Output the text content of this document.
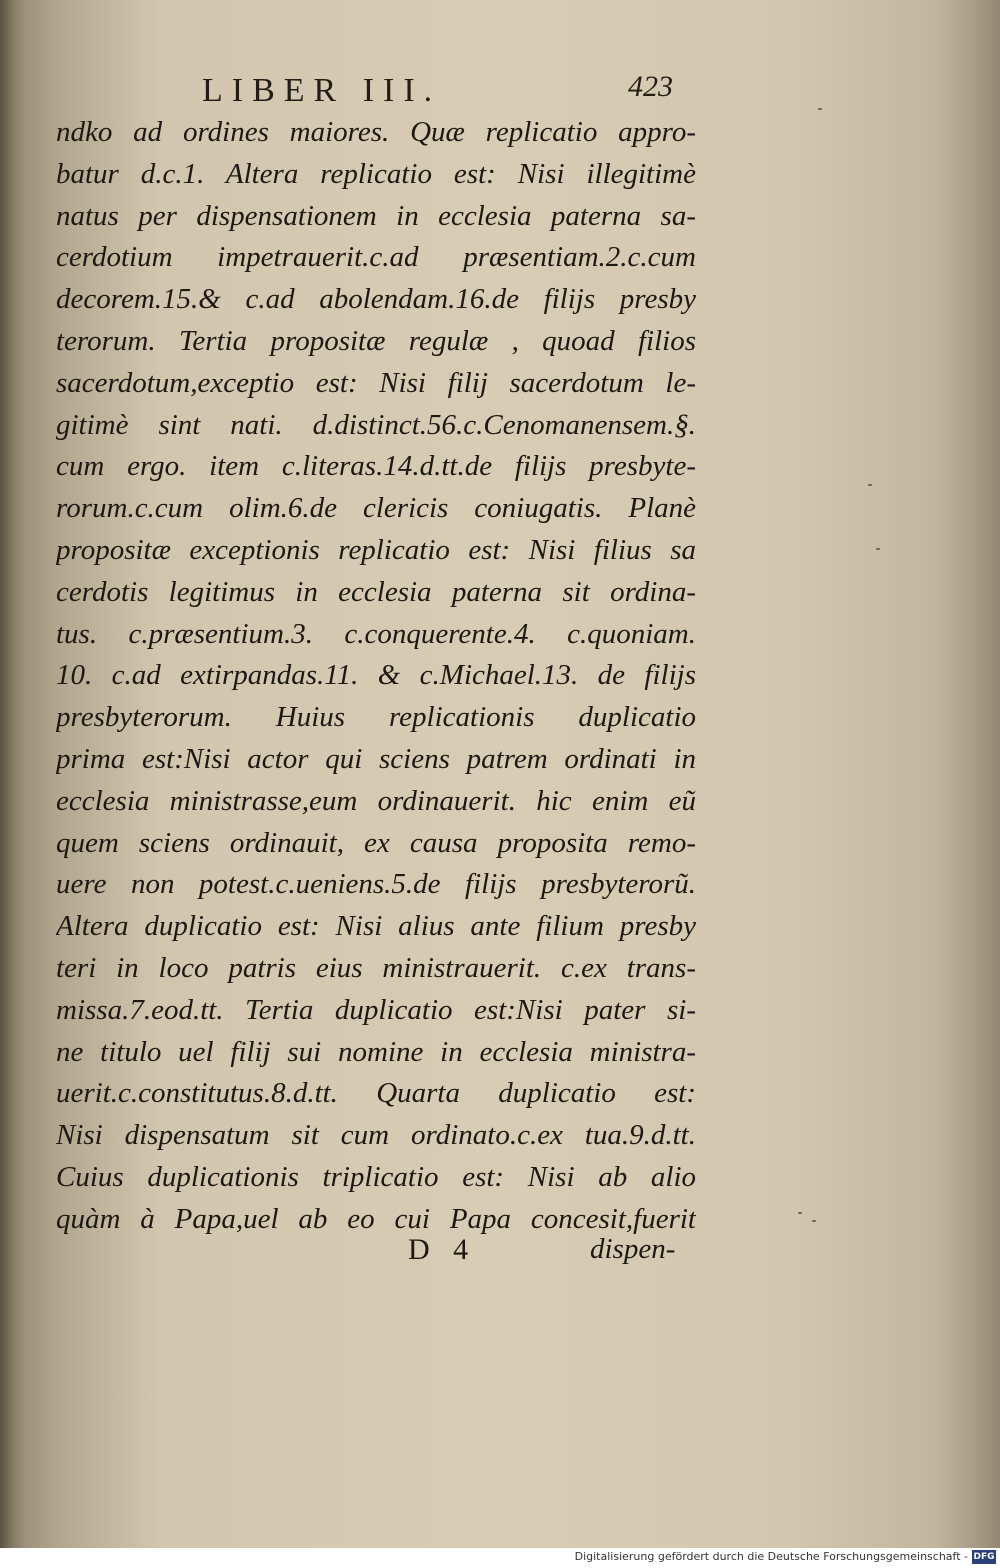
LIBER III.	423
ndko ad ordines maiores. Quæ replicatio appro-
batur d.c.1. Altera replicatio est: Nisi illegitimè
natus per dispensationem in ecclesia paterna sa-
cerdotium impetrauerit.c.ad præsentiam.2.c.cum
decorem.15.& c.ad abolendam.16.de filijs presby
terorum. Tertia propositæ regulæ , quoad filios
sacerdotum,exceptio est: Nisi filij sacerdotum le-
gitimè sint nati. d.distinct.56.c.Cenomanensem.§.
cum ergo. item c.literas.14.d.tt.de filijs presbyte-
rorum.c.cum olim.6.de clericis coniugatis. Planè
propositæ exceptionis replicatio est: Nisi filius sa
cerdotis legitimus in ecclesia paterna sit ordina-
tus. c.præsentium.3. c.conquerente.4. c.quoniam.
10. c.ad extirpandas.11. & c.Michael.13. de filijs
presbyterorum. Huius replicationis duplicatio
prima est:Nisi actor qui sciens patrem ordinati in
ecclesia ministrasse,eum ordinauerit. hic enim eũ
quem sciens ordinauit, ex causa proposita remo-
uere non potest.c.ueniens.5.de filijs presbyterorũ.
Altera duplicatio est: Nisi alius ante filium presby
teri in loco patris eius ministrauerit. c.ex trans-
missa.7.eod.tt. Tertia duplicatio est:Nisi pater si-
ne titulo uel filij sui nomine in ecclesia ministra-
uerit.c.constitutus.8.d.tt. Quarta duplicatio est:
Nisi dispensatum sit cum ordinato.c.ex tua.9.d.tt.
Cuius duplicationis triplicatio est: Nisi ab alio
quàm à Papa,uel ab eo cui Papa concesit,fuerit
D 4	dispen-
Digitalisierung gefördert durch die Deutsche Forschungsgemeinschaft - DFG
